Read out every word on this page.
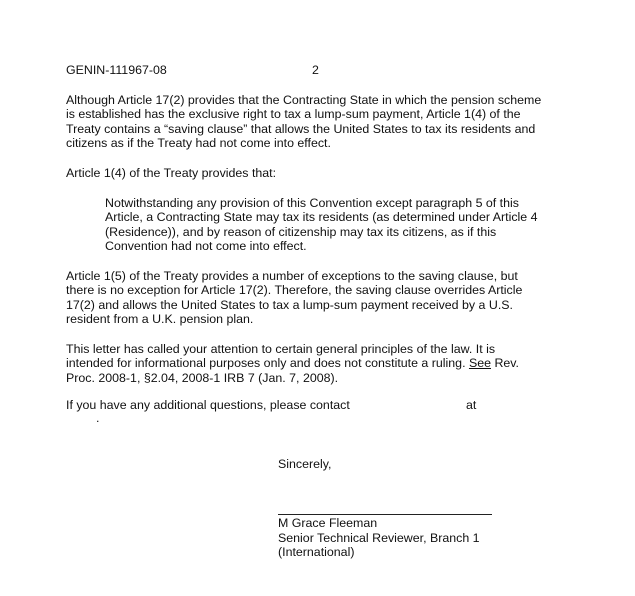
GENIN-111967-08	2
Although Article 17(2) provides that the Contracting State in which the pension scheme
is established has the exclusive right to tax a lump-sum payment, Article 1(4) of the
Treaty contains a “saving clause” that allows the United States to tax its residents and
citizens as if the Treaty had not come into effect.
Article 1(4) of the Treaty provides that:
Notwithstanding any provision of this Convention except paragraph 5 of this
Article, a Contracting State may tax its residents (as determined under Article 4
(Residence)), and by reason of citizenship may tax its citizens, as if this
Convention had not come into effect.
Article 1(5) of the Treaty provides a number of exceptions to the saving clause, but
there is no exception for Article 17(2). Therefore, the saving clause overrides Article
17(2) and allows the United States to tax a lump-sum payment received by a U.S.
resident from a U.K. pension plan.
This letter has called your attention to certain general principles of the law. It is
intended for informational purposes only and does not constitute a ruling. See Rev.
Proc. 2008-1, §2.04, 2008-1 IRB 7 (Jan. 7, 2008).
If you have any additional questions, please contact	at
.
Sincerely,
M Grace Fleeman
Senior Technical Reviewer, Branch 1
(International)
